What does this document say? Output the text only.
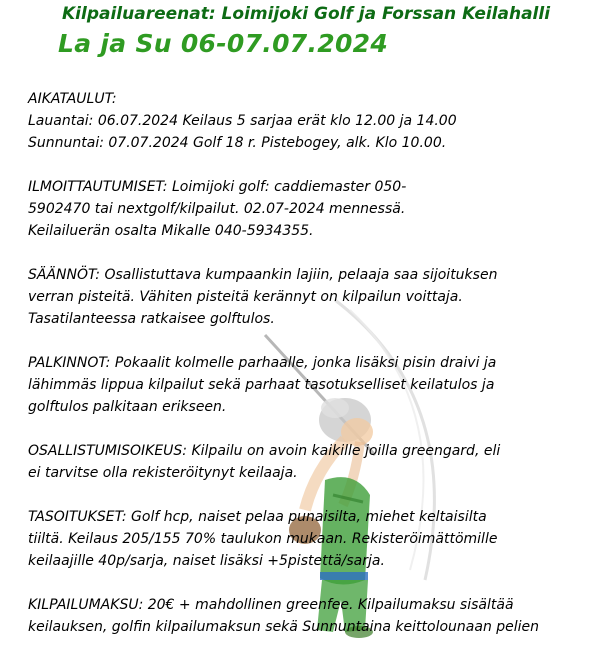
Kilpailuareenat: Loimijoki Golf ja Forssan Keilahalli

La ja Su 06-07.07.2024

AIKATAULUT:
Lauantai: 06.07.2024 Keilaus 5 sarjaa erät klo 12.00 ja 14.00
Sunnuntai: 07.07.2024 Golf 18 r. Pistebogey, alk. Klo 10.00.

ILMOITTAUTUMISET: Loimijoki golf: caddiemaster 050-
5902470 tai nextgolf/kilpailut. 02.07-2024 mennessä.
Keilailuerän osalta Mikalle 040-5934355.

SÄÄNNÖT: Osallistuttava kumpaankin lajiin, pelaaja saa sijoituksen
verran pisteitä. Vähiten pisteitä kerännyt on kilpailun voittaja.
Tasatilanteessa ratkaisee golftulos.

PALKINNOT: Pokaalit kolmelle parhaalle, jonka lisäksi pisin draivi ja
lähimmäs lippua kilpailut sekä parhaat tasotukselliset keilatulos ja
golftulos palkitaan erikseen.

OSALLISTUMISOIKEUS: Kilpailu on avoin kaikille joilla greengard, eli
ei tarvitse olla rekisteröitynyt keilaaja.

TASOITUKSET: Golf hcp, naiset pelaa punaisilta, miehet keltaisilta
tiiltä. Keilaus 205/155 70% taulukon mukaan. Rekisteröimättömille
keilaajille 40p/sarja, naiset lisäksi +5pistettä/sarja.

KILPAILUMAKSU: 20€ + mahdollinen greenfee. Kilpailumaksu sisältää
keilauksen, golfin kilpailumaksun sekä Sunnuntaina keittolounaan pelien
